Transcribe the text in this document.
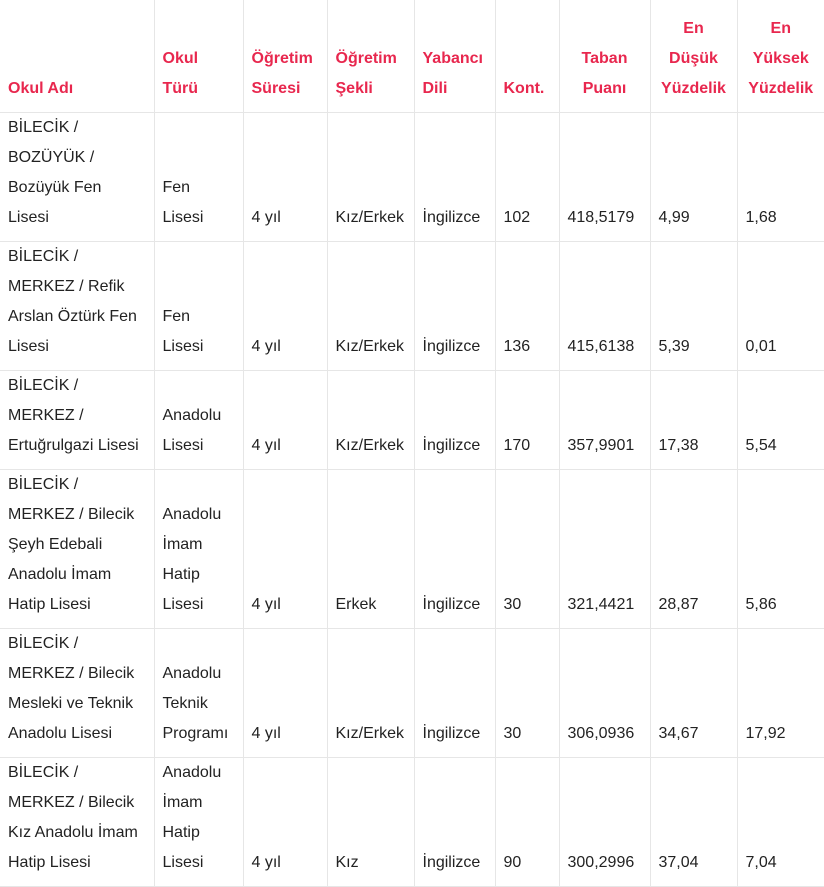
Okul Adı	Okul Türü	Öğretim Süresi	Öğretim Şekli	Yabancı Dili	Kont.	Taban Puanı	En Düşük Yüzdelik	En Yüksek Yüzdelik
BİLECİK / BOZÜYÜK / Bozüyük Fen Lisesi	Fen Lisesi	4 yıl	Kız/Erkek	İngilizce	102	418,5179	4,99	1,68
BİLECİK / MERKEZ / Refik Arslan Öztürk Fen Lisesi	Fen Lisesi	4 yıl	Kız/Erkek	İngilizce	136	415,6138	5,39	0,01
BİLECİK / MERKEZ / Ertuğrulgazi Lisesi	Anadolu Lisesi	4 yıl	Kız/Erkek	İngilizce	170	357,9901	17,38	5,54
BİLECİK / MERKEZ / Bilecik Şeyh Edebali Anadolu İmam Hatip Lisesi	Anadolu İmam Hatip Lisesi	4 yıl	Erkek	İngilizce	30	321,4421	28,87	5,86
BİLECİK / MERKEZ / Bilecik Mesleki ve Teknik Anadolu Lisesi	Anadolu Teknik Programı	4 yıl	Kız/Erkek	İngilizce	30	306,0936	34,67	17,92
BİLECİK / MERKEZ / Bilecik Kız Anadolu İmam Hatip Lisesi	Anadolu İmam Hatip Lisesi	4 yıl	Kız	İngilizce	90	300,2996	37,04	7,04
